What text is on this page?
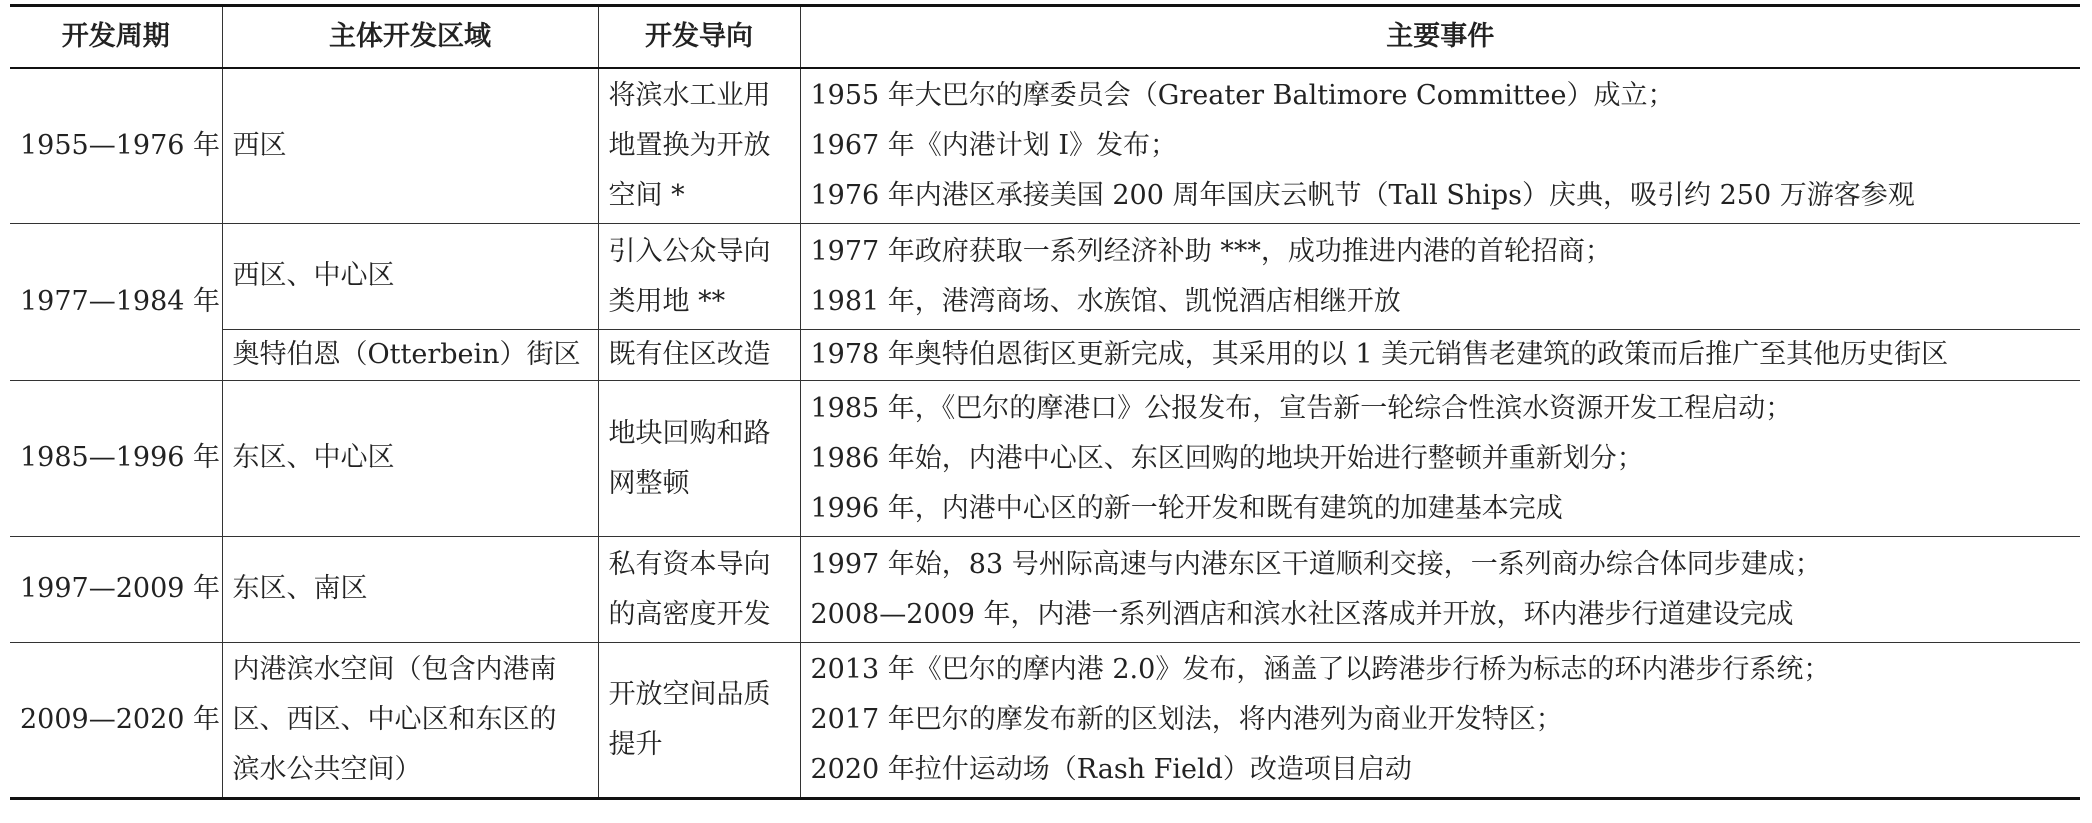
开发周期	主体开发区域	开发导向	主要事件
1955—1976 年	西区	将滨水工业用
地置换为开放
空间 *	1955 年大巴尔的摩委员会（Greater Baltimore Committee）成立；
1967 年《内港计划 I》发布；
1976 年内港区承接美国 200 周年国庆云帆节（Tall Ships）庆典，吸引约 250 万游客参观

1977—1984 年	西区、中心区	引入公众导向
类用地 **	1977 年政府获取一系列经济补助 ***，成功推进内港的首轮招商；
1981 年，港湾商场、水族馆、凯悦酒店相继开放

	奥特伯恩（Otterbein）街区	既有住区改造	1978 年奥特伯恩街区更新完成，其采用的以 1 美元销售老建筑的政策而后推广至其他历史街区

1985—1996 年	东区、中心区	地块回购和路
网整顿	1985 年，《巴尔的摩港口》公报发布，宣告新一轮综合性滨水资源开发工程启动；
1986 年始，内港中心区、东区回购的地块开始进行整顿并重新划分；
1996 年，内港中心区的新一轮开发和既有建筑的加建基本完成

1997—2009 年	东区、南区	私有资本导向
的高密度开发	1997 年始，83 号州际高速与内港东区干道顺利交接，一系列商办综合体同步建成；
2008—2009 年，内港一系列酒店和滨水社区落成并开放，环内港步行道建设完成

2009—2020 年	内港滨水空间（包含内港南
区、西区、中心区和东区的
滨水公共空间）	开放空间品质
提升	2013 年《巴尔的摩内港 2.0》发布，涵盖了以跨港步行桥为标志的环内港步行系统；
2017 年巴尔的摩发布新的区划法，将内港列为商业开发特区；
2020 年拉什运动场（Rash Field）改造项目启动
